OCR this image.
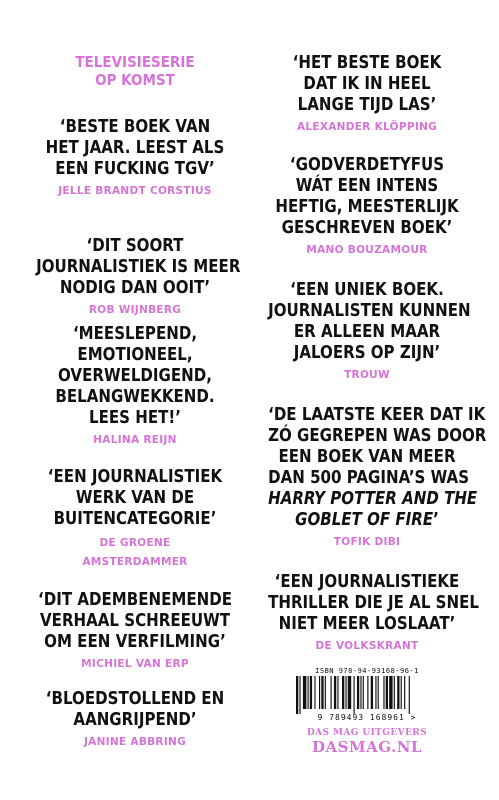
TELEVISIESERIE
OP KOMST
‘BESTE BOEK VAN
HET JAAR. LEEST ALS
EEN FUCKING TGV’
JELLE BRANDT CORSTIUS
‘DIT SOORT
JOURNALISTIEK IS MEER
NODIG DAN OOIT’
ROB WIJNBERG
‘MEESLEPEND,
EMOTIONEEL,
OVERWELDIGEND,
BELANGWEKKEND.
LEES HET!’
HALINA REIJN
‘EEN JOURNALISTIEK
WERK VAN DE
BUITENCATEGORIE’
DE GROENE AMSTERDAMMER
‘DIT ADEMBENEMENDE
VERHAAL SCHREEUWT
OM EEN VERFILMING’
MICHIEL VAN ERP
‘BLOEDSTOLLEND EN
AANGRIJPEND’
JANINE ABBRING
‘HET BESTE BOEK
DAT IK IN HEEL
LANGE TIJD LAS’
ALEXANDER KLÖPPING
‘GODVERDETYFUS
WÁT EEN INTENS
HEFTIG, MEESTERLIJK
GESCHREVEN BOEK’
MANO BOUZAMOUR
‘EEN UNIEK BOEK.
JOURNALISTEN KUNNEN
ER ALLEEN MAAR
JALOERS OP ZIJN’
TROUW
‘DE LAATSTE KEER DAT IK
ZÓ GEGREPEN WAS DOOR
EEN BOEK VAN MEER
DAN 500 PAGINA’S WAS
HARRY POTTER AND THE
GOBLET OF FIRE’
TOFIK DIBI
‘EEN JOURNALISTIEKE
THRILLER DIE JE AL SNEL
NIET MEER LOSLAAT’
DE VOLKSKRANT
ISBN 978-94-93168-96-1
9 789493 168961 >
DAS MAG UITGEVERS
DASMAG.NL
